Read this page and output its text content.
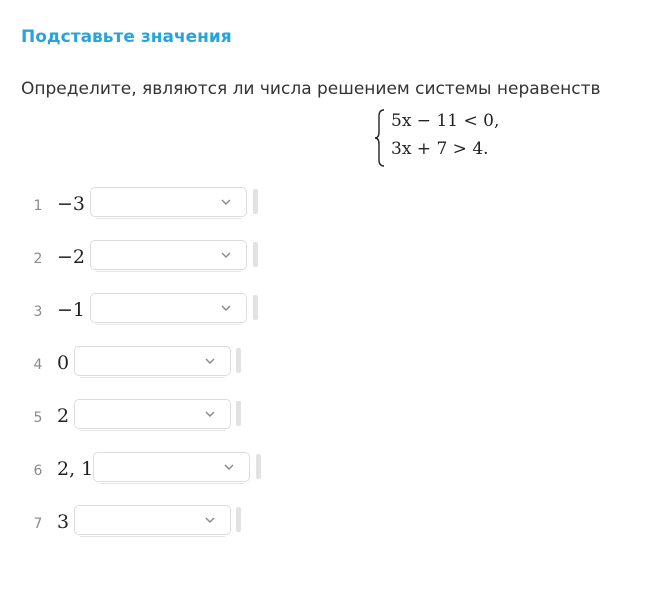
Подставьте значения
Определите, являются ли числа решением системы неравенств
5x − 11 < 0,
3x + 7 > 4.
1 −3
2 −2
3 −1
4 0
5 2
6 2, 1
7 3
